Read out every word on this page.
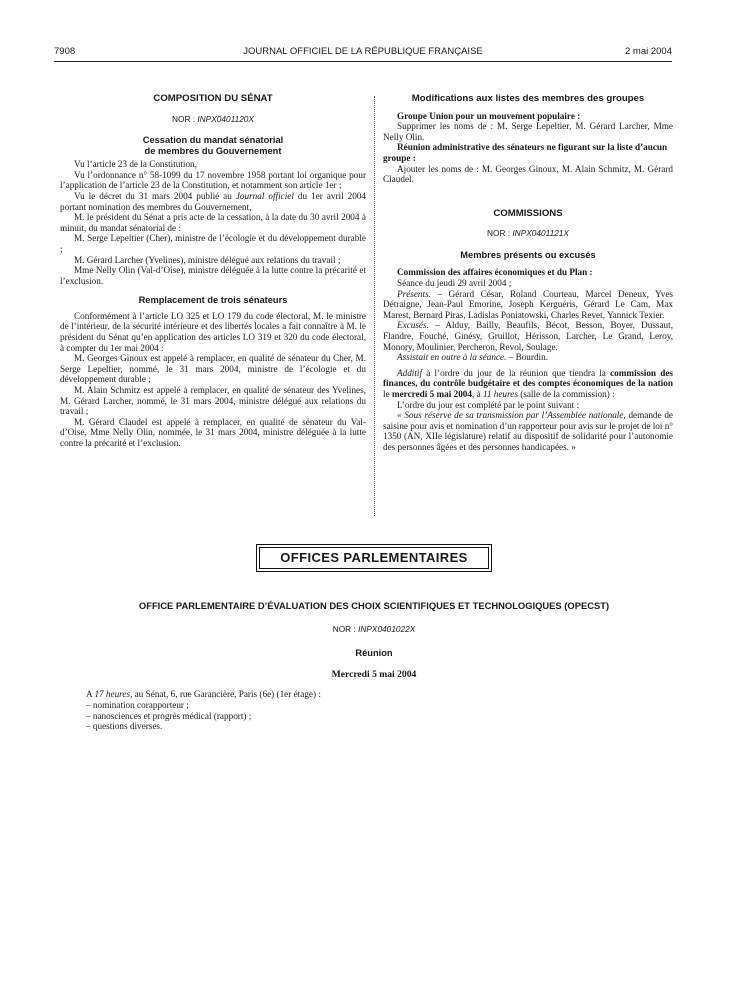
7908	JOURNAL OFFICIEL DE LA RÉPUBLIQUE FRANÇAISE	2 mai 2004
COMPOSITION DU SÉNAT
NOR : INPX0401120X
Cessation du mandat sénatorial
de membres du Gouvernement

Vu l’article 23 de la Constitution,

Vu l’ordonnance n° 58-1099 du 17 novembre 1958 portant loi organique pour l’application de l’article 23 de la Constitution, et notamment son article 1er ;

Vu le décret du 31 mars 2004 publié au Journal officiel du 1er avril 2004 portant nomination des membres du Gouvernement,

M. le président du Sénat a pris acte de la cessation, à la date du 30 avril 2004 à minuit, du mandat sénatorial de :

M. Serge Lepeltier (Cher), ministre de l’écologie et du développement durable ;

M. Gérard Larcher (Yvelines), ministre délégué aux relations du travail ;

Mme Nelly Olin (Val-d’Oise), ministre déléguée à la lutte contre la précarité et l’exclusion.

Remplacement de trois sénateurs

Conformément à l’article LO 325 et LO 179 du code électoral, M. le ministre de l’intérieur, de la sécurité intérieure et des libertés locales a fait connaître à M. le président du Sénat qu’en application des articles LO 319 et 320 du code électoral, à compter du 1er mai 2004 :

M. Georges Ginoux est appelé à remplacer, en qualité de sénateur du Cher, M. Serge Lepeltier, nommé, le 31 mars 2004, ministre de l’écologie et du développement durable ;

M. Alain Schmitz est appelé à remplacer, en qualité de sénateur des Yvelines, M. Gérard Larcher, nommé, le 31 mars 2004, ministre délégué aux relations du travail ;

M. Gérard Claudel est appelé à remplacer, en qualité de sénateur du Val-d’Oise, Mme Nelly Olin, nommée, le 31 mars 2004, ministre déléguée à la lutte contre la précarité et l’exclusion.

Modifications aux listes des membres des groupes
Groupe Union pour un mouvement populaire :

Supprimer les noms de : M. Serge Lepeltier, M. Gérard Larcher, Mme Nelly Olin.

Réunion administrative des sénateurs ne figurant sur la liste d’aucun groupe :

Ajouter les noms de : M. Georges Ginoux, M. Alain Schmitz, M. Gérard Claudel.

COMMISSIONS
NOR : INPX0401121X
Membres présents ou excusés
Commission des affaires économiques et du Plan :

Séance du jeudi 29 avril 2004 ;

Présents. – Gérard César, Roland Courteau, Marcel Deneux, Yves Détraigne, Jean-Paul Emorine, Joseph Kerguéris, Gérard Le Cam, Max Marest, Bernard Piras, Ladislas Poniatowski, Charles Revet, Yannick Texier.

Excusés. – Alduy, Bailly, Beaufils, Bécot, Besson, Boyer, Dussaut, Flandre, Fouché, Ginésy, Gruillot, Hérisson, Larcher, Le Grand, Leroy, Monory, Moulinier, Percheron, Revol, Soulage.

Assistait en outre à la séance. – Bourdin.

Additif à l’ordre du jour de la réunion que tiendra la commission des finances, du contrôle budgétaire et des comptes économiques de la nation le mercredi 5 mai 2004, à 11 heures (salle de la commission) :

L’ordre du jour est complété par le point suivant :

« Sous réserve de sa transmission par l’Assemblée nationale, demande de saisine pour avis et nomination d’un rapporteur pour avis sur le projet de loi n° 1350 (AN, XIIe législature) relatif au dispositif de solidarité pour l’autonomie des personnes âgées et des personnes handicapées. »

OFFICES PARLEMENTAIRES
OFFICE PARLEMENTAIRE D’ÉVALUATION DES CHOIX SCIENTIFIQUES ET TECHNOLOGIQUES (OPECST)
NOR : INPX0401022X
Réunion
Mercredi 5 mai 2004

A 17 heures, au Sénat, 6, rue Garancière, Paris (6e) (1er étage) :

– nomination corapporteur ;

– nanosciences et progrès médical (rapport) ;

– questions diverses.
